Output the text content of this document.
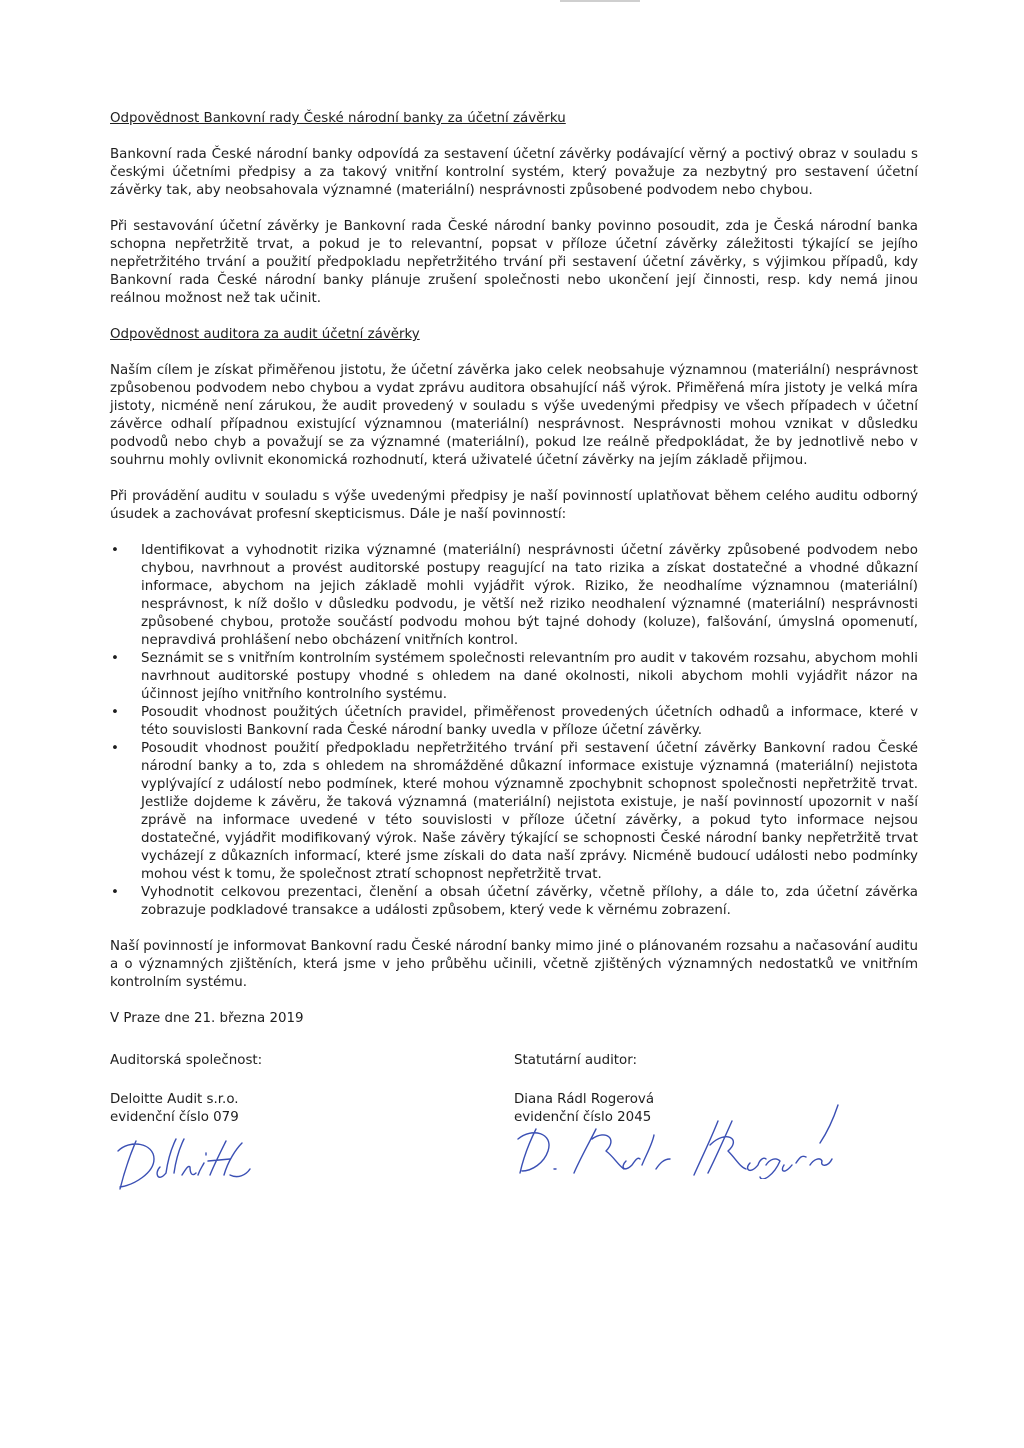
Odpovědnost Bankovní rady České národní banky za účetní závěrku

Bankovní rada České národní banky odpovídá za sestavení účetní závěrky podávající věrný a poctivý obraz v souladu s českými účetními předpisy a za takový vnitřní kontrolní systém, který považuje za nezbytný pro sestavení účetní závěrky tak, aby neobsahovala významné (materiální) nesprávnosti způsobené podvodem nebo chybou.

Při sestavování účetní závěrky je Bankovní rada České národní banky povinno posoudit, zda je Česká národní banka schopna nepřetržitě trvat, a pokud je to relevantní, popsat v příloze účetní závěrky záležitosti týkající se jejího nepřetržitého trvání a použití předpokladu nepřetržitého trvání při sestavení účetní závěrky, s výjimkou případů, kdy Bankovní rada České národní banky plánuje zrušení společnosti nebo ukončení její činnosti, resp. kdy nemá jinou reálnou možnost než tak učinit.

Odpovědnost auditora za audit účetní závěrky

Naším cílem je získat přiměřenou jistotu, že účetní závěrka jako celek neobsahuje významnou (materiální) nesprávnost způsobenou podvodem nebo chybou a vydat zprávu auditora obsahující náš výrok. Přiměřená míra jistoty je velká míra jistoty, nicméně není zárukou, že audit provedený v souladu s výše uvedenými předpisy ve všech případech v účetní závěrce odhalí případnou existující významnou (materiální) nesprávnost. Nesprávnosti mohou vznikat v důsledku podvodů nebo chyb a považují se za významné (materiální), pokud lze reálně předpokládat, že by jednotlivě nebo v souhrnu mohly ovlivnit ekonomická rozhodnutí, která uživatelé účetní závěrky na jejím základě přijmou.

Při provádění auditu v souladu s výše uvedenými předpisy je naší povinností uplatňovat během celého auditu odborný úsudek a zachovávat profesní skepticismus. Dále je naší povinností:

• Identifikovat a vyhodnotit rizika významné (materiální) nesprávnosti účetní závěrky způsobené podvodem nebo chybou, navrhnout a provést auditorské postupy reagující na tato rizika a získat dostatečné a vhodné důkazní informace, abychom na jejich základě mohli vyjádřit výrok. Riziko, že neodhalíme významnou (materiální) nesprávnost, k níž došlo v důsledku podvodu, je větší než riziko neodhalení významné (materiální) nesprávnosti způsobené chybou, protože součástí podvodu mohou být tajné dohody (koluze), falšování, úmyslná opomenutí, nepravdivá prohlášení nebo obcházení vnitřních kontrol.
• Seznámit se s vnitřním kontrolním systémem společnosti relevantním pro audit v takovém rozsahu, abychom mohli navrhnout auditorské postupy vhodné s ohledem na dané okolnosti, nikoli abychom mohli vyjádřit názor na účinnost jejího vnitřního kontrolního systému.
• Posoudit vhodnost použitých účetních pravidel, přiměřenost provedených účetních odhadů a informace, které v této souvislosti Bankovní rada České národní banky uvedla v příloze účetní závěrky.
• Posoudit vhodnost použití předpokladu nepřetržitého trvání při sestavení účetní závěrky Bankovní radou České národní banky a to, zda s ohledem na shromážděné důkazní informace existuje významná (materiální) nejistota vyplývající z událostí nebo podmínek, které mohou významně zpochybnit schopnost společnosti nepřetržitě trvat. Jestliže dojdeme k závěru, že taková významná (materiální) nejistota existuje, je naší povinností upozornit v naší zprávě na informace uvedené v této souvislosti v příloze účetní závěrky, a pokud tyto informace nejsou dostatečné, vyjádřit modifikovaný výrok. Naše závěry týkající se schopnosti České národní banky nepřetržitě trvat vycházejí z důkazních informací, které jsme získali do data naší zprávy. Nicméně budoucí události nebo podmínky mohou vést k tomu, že společnost ztratí schopnost nepřetržitě trvat.
• Vyhodnotit celkovou prezentaci, členění a obsah účetní závěrky, včetně přílohy, a dále to, zda účetní závěrka zobrazuje podkladové transakce a události způsobem, který vede k věrnému zobrazení.

Naší povinností je informovat Bankovní radu České národní banky mimo jiné o plánovaném rozsahu a načasování auditu a o významných zjištěních, která jsme v jeho průběhu učinili, včetně zjištěných významných nedostatků ve vnitřním kontrolním systému.

V Praze dne 21. března 2019

Auditorská společnost:
Deloitte Audit s.r.o.
evidenční číslo 079
Statutární auditor:
Diana Rádl Rogerová
evidenční číslo 2045
